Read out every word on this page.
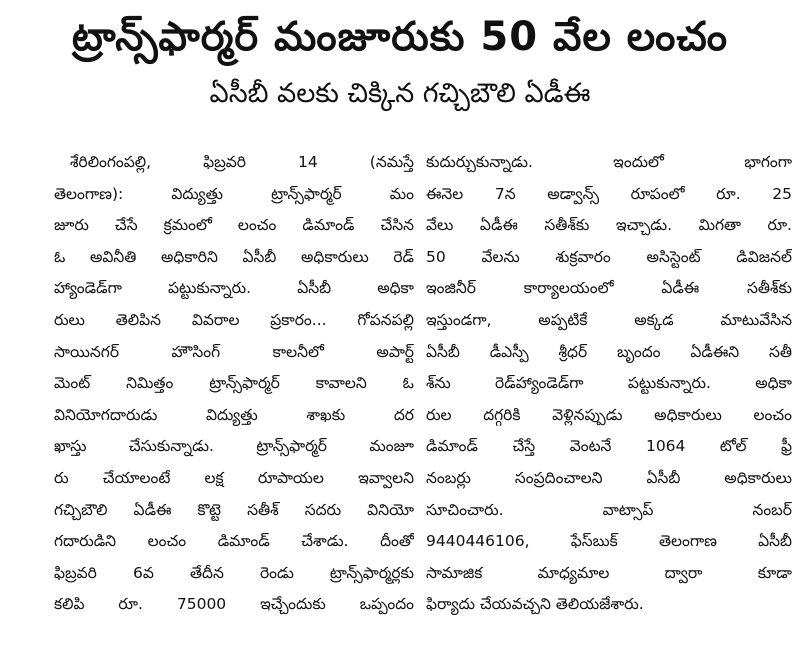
ట్రాన్స్‌ఫార్మర్ మంజూరుకు 50 వేల లంచం
ఏసీబీ వలకు చిక్కిన గచ్చిబౌలి ఏడీఈ
శేరిలింగంపల్లి, ఫిబ్రవరి 14 (నమస్తే
తెలంగాణ): విద్యుత్తు ట్రాన్స్‌ఫార్మర్ మం
జూరు చేసే క్రమంలో లంచం డిమాండ్ చేసిన
ఓ అవినీతి అధికారిని ఏసీబీ అధికారులు రెడ్
హ్యాండెడ్‌గా పట్టుకున్నారు. ఏసీబీ అధికా
రులు తెలిపిన వివరాల ప్రకారం... గోపనపల్లి
సాయినగర్ హౌసింగ్ కాలనీలో అపార్ట్
మెంట్ నిమిత్తం ట్రాన్స్‌ఫార్మర్ కావాలని ఓ
వినియోగదారుడు విద్యుత్తు శాఖకు దర
ఖాస్తు చేసుకున్నాడు. ట్రాన్స్‌ఫార్మర్ మంజూ
రు చేయాలంటే లక్ష రూపాయల ఇవ్వాలని
గచ్చిబౌలి ఏడీఈ కొట్టె సతీశ్ సదరు వినియో
గదారుడిని లంచం డిమాండ్ చేశాడు. దీంతో
ఫిబ్రవరి 6వ తేదీన రెండు ట్రాన్స్‌ఫార్మర్లకు
కలిపి రూ. 75000 ఇచ్చేందుకు ఒప్పందం
కుదుర్చుకున్నాడు. ఇందులో భాగంగా
ఈనెల 7న అడ్వాన్స్ రూపంలో రూ. 25
వేలు ఏడీఈ సతీశ్‌కు ఇచ్చాడు. మిగతా రూ.
50 వేలను శుక్రవారం అసిస్టెంట్ డివిజనల్
ఇంజినీర్ కార్యాలయంలో ఏడీఈ సతీశ్‌కు
ఇస్తుండగా, అప్పటికే అక్కడ మాటువేసిన
ఏసీబీ డీఎస్పీ శ్రీధర్ బృందం ఏడీఈని సతీ
శ్‌ను రెడ్‌హ్యాండెడ్‌గా పట్టుకున్నారు. అధికా
రుల దగ్గరికి వెళ్లినప్పుడు అధికారులు లంచం
డిమాండ్ చేస్తే వెంటనే 1064 టోల్ ఫ్రీ
నంబర్లు సంప్రదించాలని ఏసీబీ అధికారులు
సూచించారు. వాట్సాప్ నంబర్
9440446106, ఫేస్‌బుక్ తెలంగాణ ఏసీబీ
సామాజిక మాధ్యమాల ద్వారా కూడా
ఫిర్యాదు చేయవచ్చని తెలియజేశారు.
